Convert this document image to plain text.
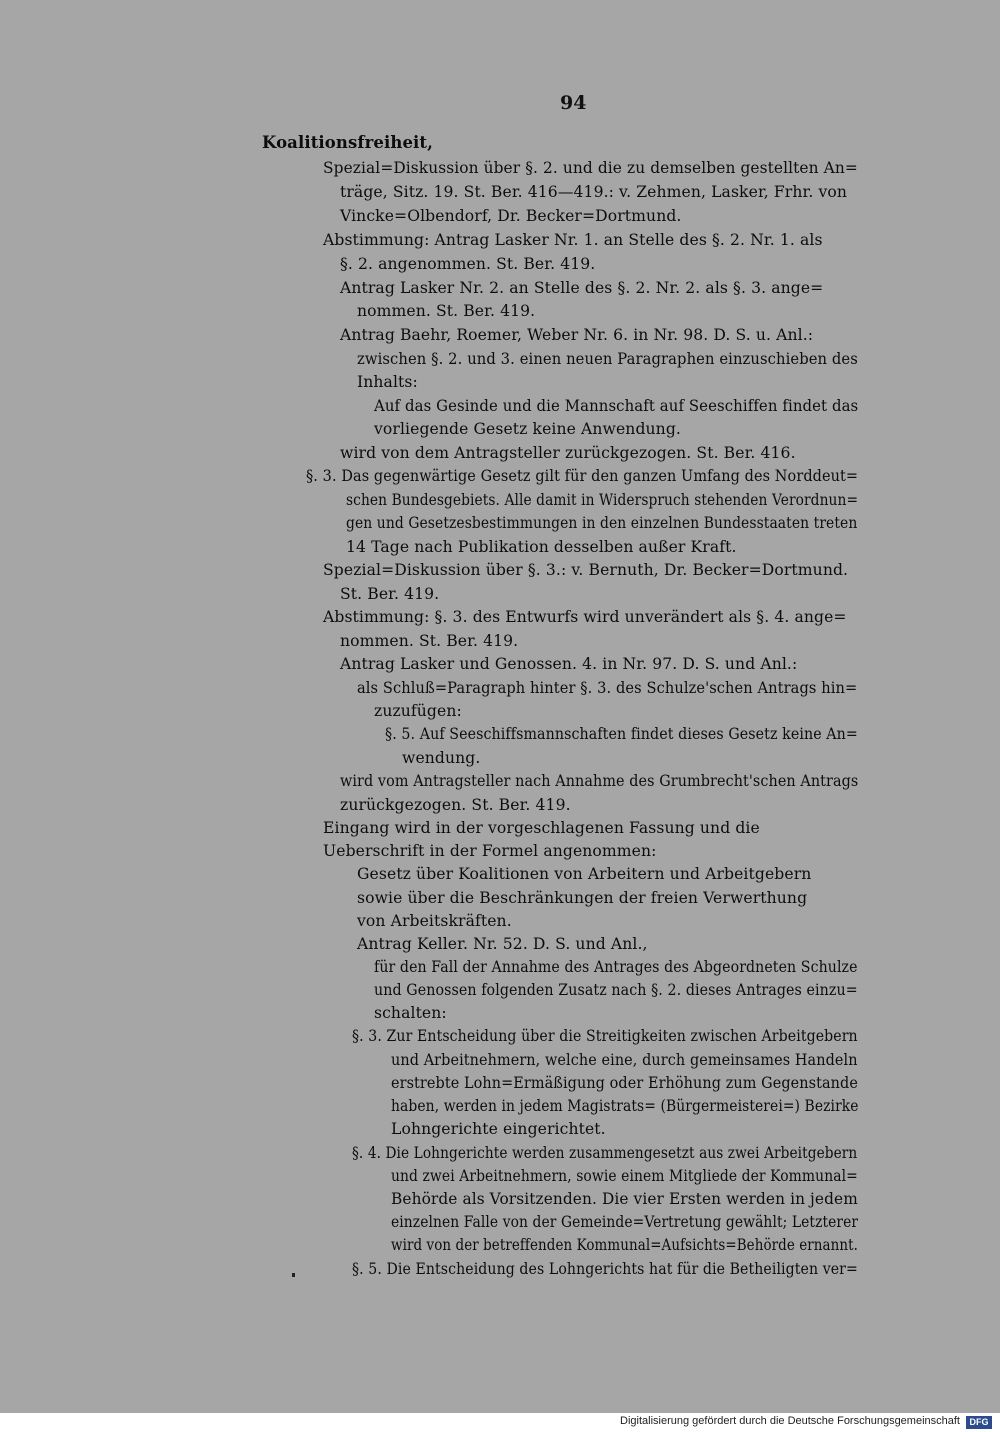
94
Koalitionsfreiheit,
Spezial=Diskussion über §. 2. und die zu demselben gestellten An=
träge, Sitz. 19. St. Ber. 416—419.: v. Zehmen, Lasker, Frhr. von
Vincke=Olbendorf, Dr. Becker=Dortmund.
Abstimmung: Antrag Lasker Nr. 1. an Stelle des §. 2. Nr. 1. als
§. 2. angenommen. St. Ber. 419.
Antrag Lasker Nr. 2. an Stelle des §. 2. Nr. 2. als §. 3. ange=
nommen. St. Ber. 419.
Antrag Baehr, Roemer, Weber Nr. 6. in Nr. 98. D. S. u. Anl.:
zwischen §. 2. und 3. einen neuen Paragraphen einzuschieben des
Inhalts:
Auf das Gesinde und die Mannschaft auf Seeschiffen findet das
vorliegende Gesetz keine Anwendung.
wird von dem Antragsteller zurückgezogen. St. Ber. 416.
§. 3. Das gegenwärtige Gesetz gilt für den ganzen Umfang des Norddeut=
schen Bundesgebiets. Alle damit in Widerspruch stehenden Verordnun=
gen und Gesetzesbestimmungen in den einzelnen Bundesstaaten treten
14 Tage nach Publikation desselben außer Kraft.
Spezial=Diskussion über §. 3.: v. Bernuth, Dr. Becker=Dortmund.
St. Ber. 419.
Abstimmung: §. 3. des Entwurfs wird unverändert als §. 4. ange=
nommen. St. Ber. 419.
Antrag Lasker und Genossen. 4. in Nr. 97. D. S. und Anl.:
als Schluß=Paragraph hinter §. 3. des Schulze'schen Antrags hin=
zuzufügen:
§. 5. Auf Seeschiffsmannschaften findet dieses Gesetz keine An=
wendung.
wird vom Antragsteller nach Annahme des Grumbrecht'schen Antrags
zurückgezogen. St. Ber. 419.
Eingang wird in der vorgeschlagenen Fassung und die
Ueberschrift in der Formel angenommen:
Gesetz über Koalitionen von Arbeitern und Arbeitgebern
sowie über die Beschränkungen der freien Verwerthung
von Arbeitskräften.
Antrag Keller. Nr. 52. D. S. und Anl.,
für den Fall der Annahme des Antrages des Abgeordneten Schulze
und Genossen folgenden Zusatz nach §. 2. dieses Antrages einzu=
schalten:
§. 3. Zur Entscheidung über die Streitigkeiten zwischen Arbeitgebern
und Arbeitnehmern, welche eine, durch gemeinsames Handeln
erstrebte Lohn=Ermäßigung oder Erhöhung zum Gegenstande
haben, werden in jedem Magistrats= (Bürgermeisterei=) Bezirke
Lohngerichte eingerichtet.
§. 4. Die Lohngerichte werden zusammengesetzt aus zwei Arbeitgebern
und zwei Arbeitnehmern, sowie einem Mitgliede der Kommunal=
Behörde als Vorsitzenden. Die vier Ersten werden in jedem
einzelnen Falle von der Gemeinde=Vertretung gewählt; Letzterer
wird von der betreffenden Kommunal=Aufsichts=Behörde ernannt.
§. 5. Die Entscheidung des Lohngerichts hat für die Betheiligten ver=
Digitalisierung gefördert durch die Deutsche Forschungsgemeinschaft	DFG
